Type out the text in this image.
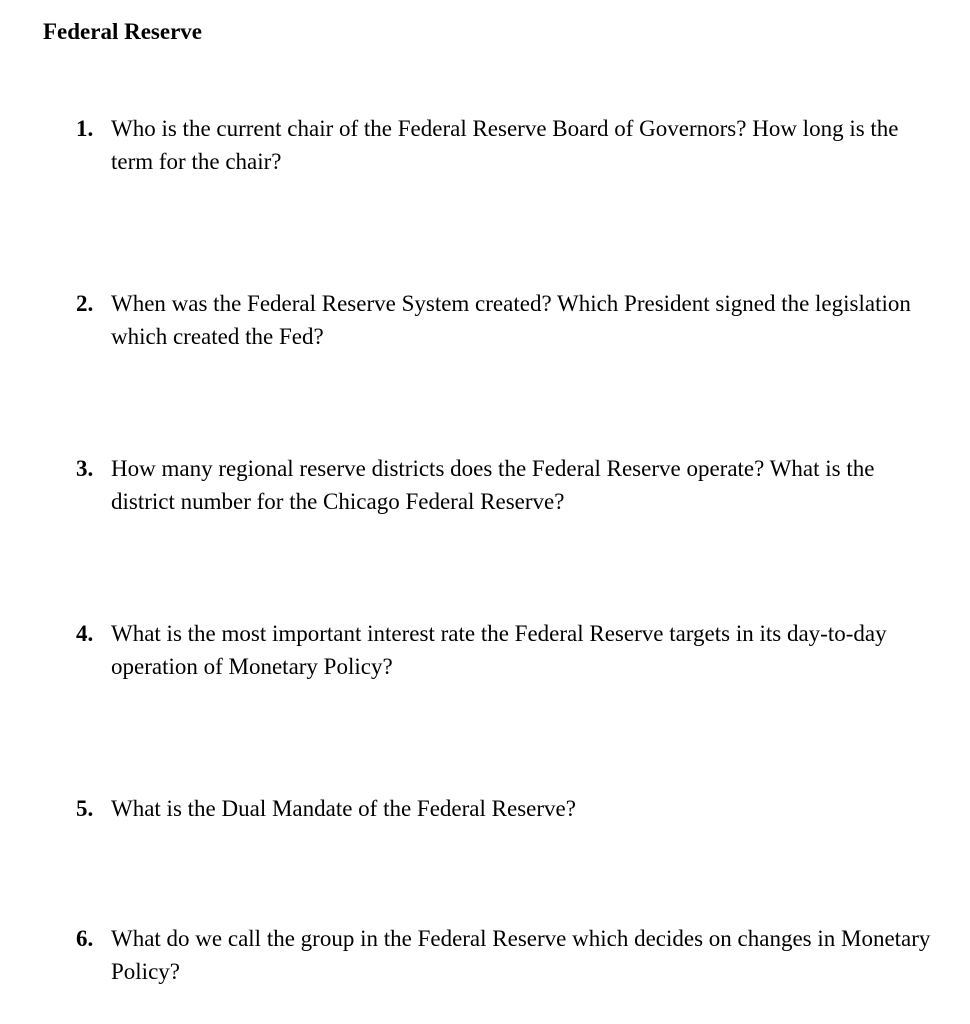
Federal Reserve
1. Who is the current chair of the Federal Reserve Board of Governors? How long is the term for the chair?
2. When was the Federal Reserve System created? Which President signed the legislation which created the Fed?
3. How many regional reserve districts does the Federal Reserve operate? What is the district number for the Chicago Federal Reserve?
4. What is the most important interest rate the Federal Reserve targets in its day-to-day operation of Monetary Policy?
5. What is the Dual Mandate of the Federal Reserve?
6. What do we call the group in the Federal Reserve which decides on changes in Monetary Policy?
